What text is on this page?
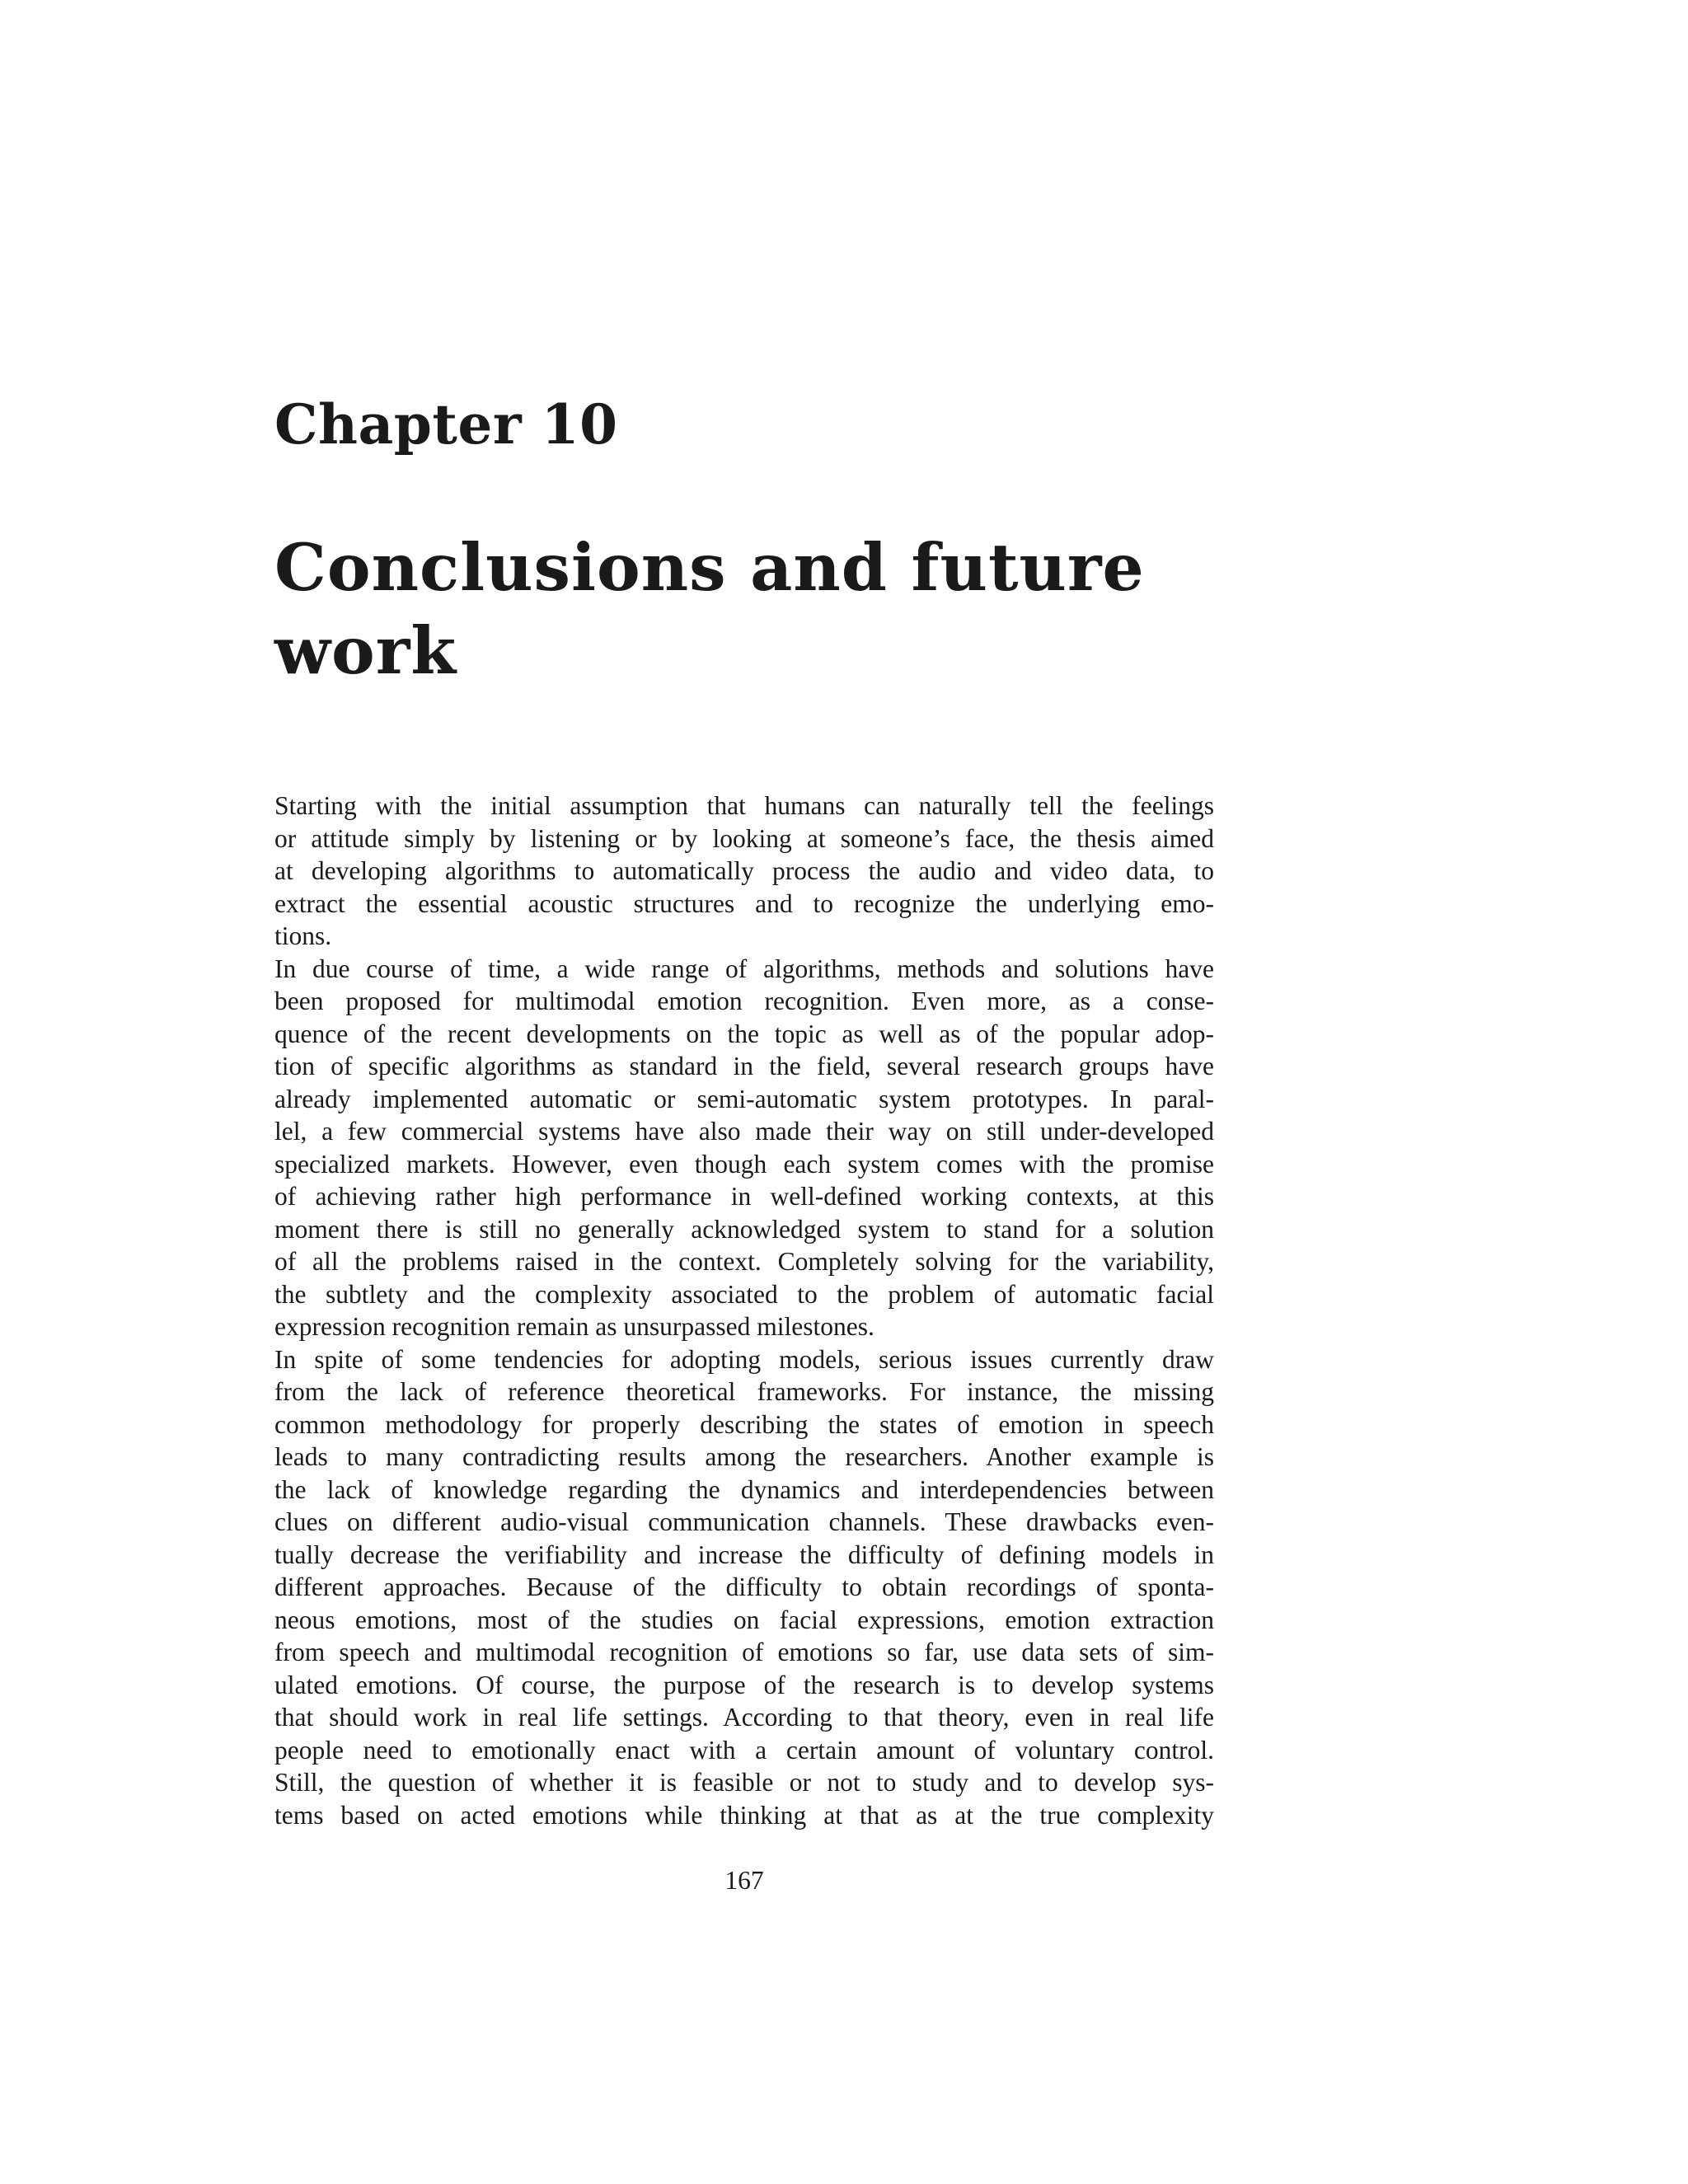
Chapter 10
Conclusions and future
work
Starting with the initial assumption that humans can naturally tell the feelings
or attitude simply by listening or by looking at someone’s face, the thesis aimed
at developing algorithms to automatically process the audio and video data, to
extract the essential acoustic structures and to recognize the underlying emo-
tions.
In due course of time, a wide range of algorithms, methods and solutions have
been proposed for multimodal emotion recognition. Even more, as a conse-
quence of the recent developments on the topic as well as of the popular adop-
tion of specific algorithms as standard in the field, several research groups have
already implemented automatic or semi-automatic system prototypes. In paral-
lel, a few commercial systems have also made their way on still under-developed
specialized markets. However, even though each system comes with the promise
of achieving rather high performance in well-defined working contexts, at this
moment there is still no generally acknowledged system to stand for a solution
of all the problems raised in the context. Completely solving for the variability,
the subtlety and the complexity associated to the problem of automatic facial
expression recognition remain as unsurpassed milestones.
In spite of some tendencies for adopting models, serious issues currently draw
from the lack of reference theoretical frameworks. For instance, the missing
common methodology for properly describing the states of emotion in speech
leads to many contradicting results among the researchers. Another example is
the lack of knowledge regarding the dynamics and interdependencies between
clues on different audio-visual communication channels. These drawbacks even-
tually decrease the verifiability and increase the difficulty of defining models in
different approaches. Because of the difficulty to obtain recordings of sponta-
neous emotions, most of the studies on facial expressions, emotion extraction
from speech and multimodal recognition of emotions so far, use data sets of sim-
ulated emotions. Of course, the purpose of the research is to develop systems
that should work in real life settings. According to that theory, even in real life
people need to emotionally enact with a certain amount of voluntary control.
Still, the question of whether it is feasible or not to study and to develop sys-
tems based on acted emotions while thinking at that as at the true complexity
167
